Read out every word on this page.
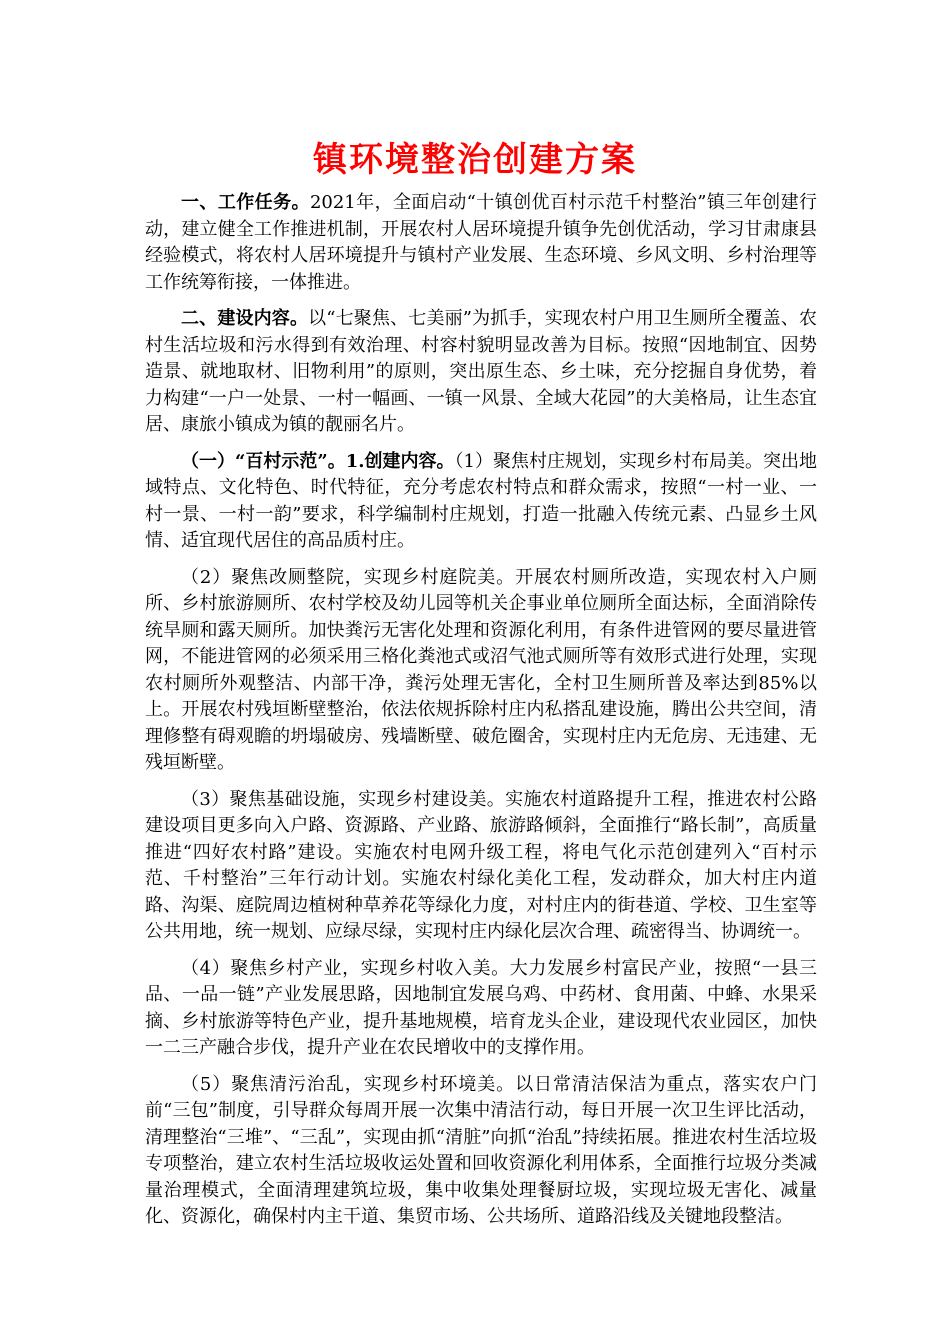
镇环境整治创建方案

一、工作任务。2021年，全面启动“十镇创优百村示范千村整治”镇三年创建行动，建立健全工作推进机制，开展农村人居环境提升镇争先创优活动，学习甘肃康县经验模式，将农村人居环境提升与镇村产业发展、生态环境、乡风文明、乡村治理等工作统筹衔接，一体推进。

二、建设内容。以“七聚焦、七美丽”为抓手，实现农村户用卫生厕所全覆盖、农村生活垃圾和污水得到有效治理、村容村貌明显改善为目标。按照“因地制宜、因势造景、就地取材、旧物利用”的原则，突出原生态、乡土味，充分挖掘自身优势，着力构建“一户一处景、一村一幅画、一镇一风景、全域大花园”的大美格局，让生态宜居、康旅小镇成为镇的靓丽名片。

（一）“百村示范”。1.创建内容。（1）聚焦村庄规划，实现乡村布局美。突出地域特点、文化特色、时代特征，充分考虑农村特点和群众需求，按照“一村一业、一村一景、一村一韵”要求，科学编制村庄规划，打造一批融入传统元素、凸显乡土风情、适宜现代居住的高品质村庄。

（2）聚焦改厕整院，实现乡村庭院美。开展农村厕所改造，实现农村入户厕所、乡村旅游厕所、农村学校及幼儿园等机关企事业单位厕所全面达标，全面消除传统旱厕和露天厕所。加快粪污无害化处理和资源化利用，有条件进管网的要尽量进管网，不能进管网的必须采用三格化粪池式或沼气池式厕所等有效形式进行处理，实现农村厕所外观整洁、内部干净，粪污处理无害化，全村卫生厕所普及率达到85%以上。开展农村残垣断壁整治，依法依规拆除村庄内私搭乱建设施，腾出公共空间，清理修整有碍观瞻的坍塌破房、残墙断壁、破危圈舍，实现村庄内无危房、无违建、无残垣断壁。

（3）聚焦基础设施，实现乡村建设美。实施农村道路提升工程，推进农村公路建设项目更多向入户路、资源路、产业路、旅游路倾斜，全面推行“路长制”，高质量推进“四好农村路”建设。实施农村电网升级工程，将电气化示范创建列入“百村示范、千村整治”三年行动计划。实施农村绿化美化工程，发动群众，加大村庄内道路、沟渠、庭院周边植树种草养花等绿化力度，对村庄内的街巷道、学校、卫生室等公共用地，统一规划、应绿尽绿，实现村庄内绿化层次合理、疏密得当、协调统一。

（4）聚焦乡村产业，实现乡村收入美。大力发展乡村富民产业，按照“一县三品、一品一链”产业发展思路，因地制宜发展乌鸡、中药材、食用菌、中蜂、水果采摘、乡村旅游等特色产业，提升基地规模，培育龙头企业，建设现代农业园区，加快一二三产融合步伐，提升产业在农民增收中的支撑作用。

（5）聚焦清污治乱，实现乡村环境美。以日常清洁保洁为重点，落实农户门前“三包”制度，引导群众每周开展一次集中清洁行动，每日开展一次卫生评比活动，清理整治“三堆”、“三乱”，实现由抓“清脏”向抓“治乱”持续拓展。推进农村生活垃圾专项整治，建立农村生活垃圾收运处置和回收资源化利用体系，全面推行垃圾分类减量治理模式，全面清理建筑垃圾，集中收集处理餐厨垃圾，实现垃圾无害化、减量化、资源化，确保村内主干道、集贸市场、公共场所、道路沿线及关键地段整洁。
